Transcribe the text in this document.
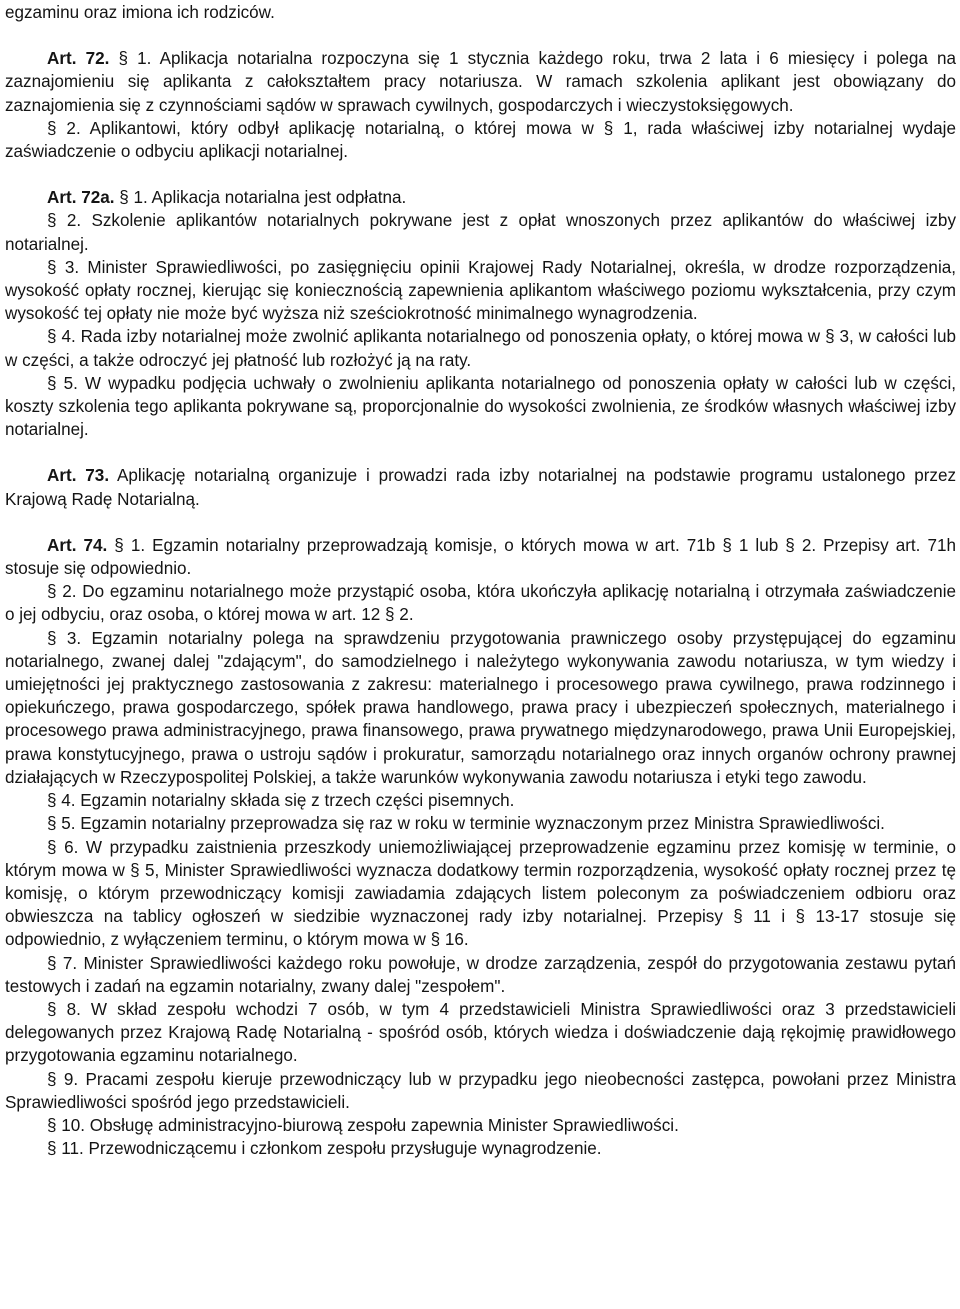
egzaminu oraz imiona ich rodziców.

Art. 72. § 1. Aplikacja notarialna rozpoczyna się 1 stycznia każdego roku, trwa 2 lata i 6 miesięcy i polega na zaznajomieniu się aplikanta z całokształtem pracy notariusza. W ramach szkolenia aplikant jest obowiązany do zaznajomienia się z czynnościami sądów w sprawach cywilnych, gospodarczych i wieczystoksięgowych.

§ 2. Aplikantowi, który odbył aplikację notarialną, o której mowa w § 1, rada właściwej izby notarialnej wydaje zaświadczenie o odbyciu aplikacji notarialnej.

Art. 72a. § 1. Aplikacja notarialna jest odpłatna.

§ 2. Szkolenie aplikantów notarialnych pokrywane jest z opłat wnoszonych przez aplikantów do właściwej izby notarialnej.

§ 3. Minister Sprawiedliwości, po zasięgnięciu opinii Krajowej Rady Notarialnej, określa, w drodze rozporządzenia, wysokość opłaty rocznej, kierując się koniecznością zapewnienia aplikantom właściwego poziomu wykształcenia, przy czym wysokość tej opłaty nie może być wyższa niż sześciokrotność minimalnego wynagrodzenia.

§ 4. Rada izby notarialnej może zwolnić aplikanta notarialnego od ponoszenia opłaty, o której mowa w § 3, w całości lub w części, a także odroczyć jej płatność lub rozłożyć ją na raty.

§ 5. W wypadku podjęcia uchwały o zwolnieniu aplikanta notarialnego od ponoszenia opłaty w całości lub w części, koszty szkolenia tego aplikanta pokrywane są, proporcjonalnie do wysokości zwolnienia, ze środków własnych właściwej izby notarialnej.

Art. 73. Aplikację notarialną organizuje i prowadzi rada izby notarialnej na podstawie programu ustalonego przez Krajową Radę Notarialną.

Art. 74. § 1. Egzamin notarialny przeprowadzają komisje, o których mowa w art. 71b § 1 lub § 2. Przepisy art. 71h stosuje się odpowiednio.

§ 2. Do egzaminu notarialnego może przystąpić osoba, która ukończyła aplikację notarialną i otrzymała zaświadczenie o jej odbyciu, oraz osoba, o której mowa w art. 12 § 2.

§ 3. Egzamin notarialny polega na sprawdzeniu przygotowania prawniczego osoby przystępującej do egzaminu notarialnego, zwanej dalej "zdającym", do samodzielnego i należytego wykonywania zawodu notariusza, w tym wiedzy i umiejętności jej praktycznego zastosowania z zakresu: materialnego i procesowego prawa cywilnego, prawa rodzinnego i opiekuńczego, prawa gospodarczego, spółek prawa handlowego, prawa pracy i ubezpieczeń społecznych, materialnego i procesowego prawa administracyjnego, prawa finansowego, prawa prywatnego międzynarodowego, prawa Unii Europejskiej, prawa konstytucyjnego, prawa o ustroju sądów i prokuratur, samorządu notarialnego oraz innych organów ochrony prawnej działających w Rzeczypospolitej Polskiej, a także warunków wykonywania zawodu notariusza i etyki tego zawodu.

§ 4. Egzamin notarialny składa się z trzech części pisemnych.

§ 5. Egzamin notarialny przeprowadza się raz w roku w terminie wyznaczonym przez Ministra Sprawiedliwości.

§ 6. W przypadku zaistnienia przeszkody uniemożliwiającej przeprowadzenie egzaminu przez komisję w terminie, o którym mowa w § 5, Minister Sprawiedliwości wyznacza dodatkowy termin rozporządzenia, wysokość opłaty rocznej przez tę komisję, o którym przewodniczący komisji zawiadamia zdających listem poleconym za poświadczeniem odbioru oraz obwieszcza na tablicy ogłoszeń w siedzibie wyznaczonej rady izby notarialnej. Przepisy § 11 i § 13-17 stosuje się odpowiednio, z wyłączeniem terminu, o którym mowa w § 16.

§ 7. Minister Sprawiedliwości każdego roku powołuje, w drodze zarządzenia, zespół do przygotowania zestawu pytań testowych i zadań na egzamin notarialny, zwany dalej "zespołem".

§ 8. W skład zespołu wchodzi 7 osób, w tym 4 przedstawicieli Ministra Sprawiedliwości oraz 3 przedstawicieli delegowanych przez Krajową Radę Notarialną - spośród osób, których wiedza i doświadczenie dają rękojmię prawidłowego przygotowania egzaminu notarialnego.

§ 9. Pracami zespołu kieruje przewodniczący lub w przypadku jego nieobecności zastępca, powołani przez Ministra Sprawiedliwości spośród jego przedstawicieli.

§ 10. Obsługę administracyjno-biurową zespołu zapewnia Minister Sprawiedliwości.

§ 11. Przewodniczącemu i członkom zespołu przysługuje wynagrodzenie.
